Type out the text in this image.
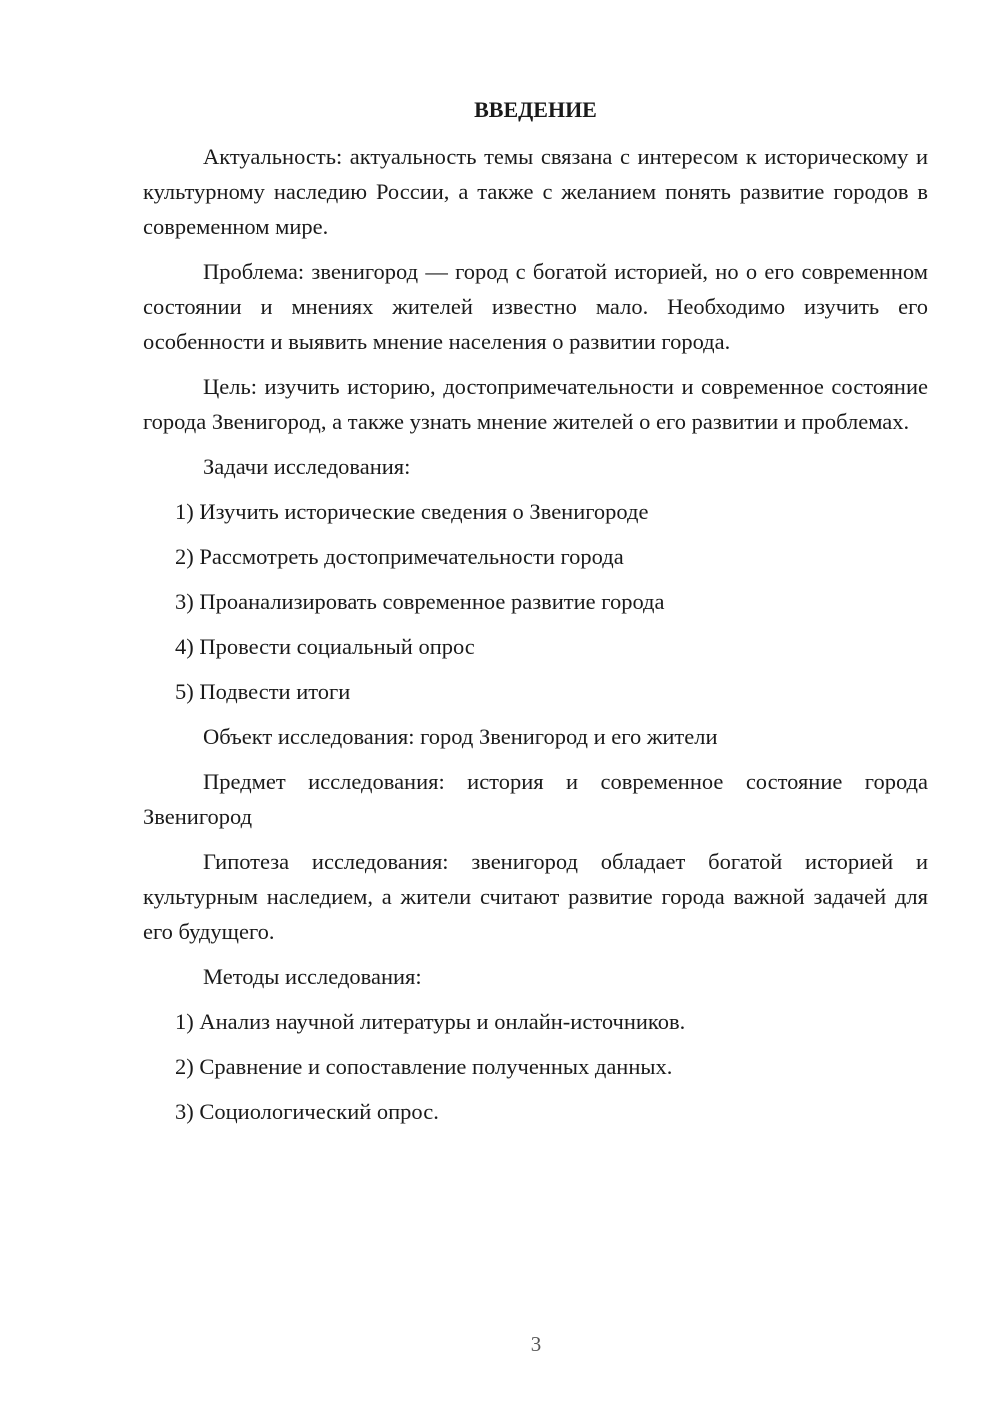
ВВЕДЕНИЕ

Актуальность: актуальность темы связана с интересом к историческому и культурному наследию России, а также с желанием понять развитие городов в современном мире.

Проблема: звенигород — город с богатой историей, но о его современном состоянии и мнениях жителей известно мало. Необходимо изучить его особенности и выявить мнение населения о развитии города.

Цель: изучить историю, достопримечательности и современное состояние города Звенигород, а также узнать мнение жителей о его развитии и проблемах.

Задачи исследования:

1) Изучить исторические сведения о Звенигороде
2) Рассмотреть достопримечательности города
3) Проанализировать современное развитие города
4) Провести социальный опрос
5) Подвести итоги

Объект исследования: город Звенигород и его жители

Предмет исследования: история и современное состояние города Звенигород

Гипотеза исследования: звенигород обладает богатой историей и культурным наследием, а жители считают развитие города важной задачей для его будущего.

Методы исследования:

1) Анализ научной литературы и онлайн-источников.
2) Сравнение и сопоставление полученных данных.
3) Социологический опрос.
3
